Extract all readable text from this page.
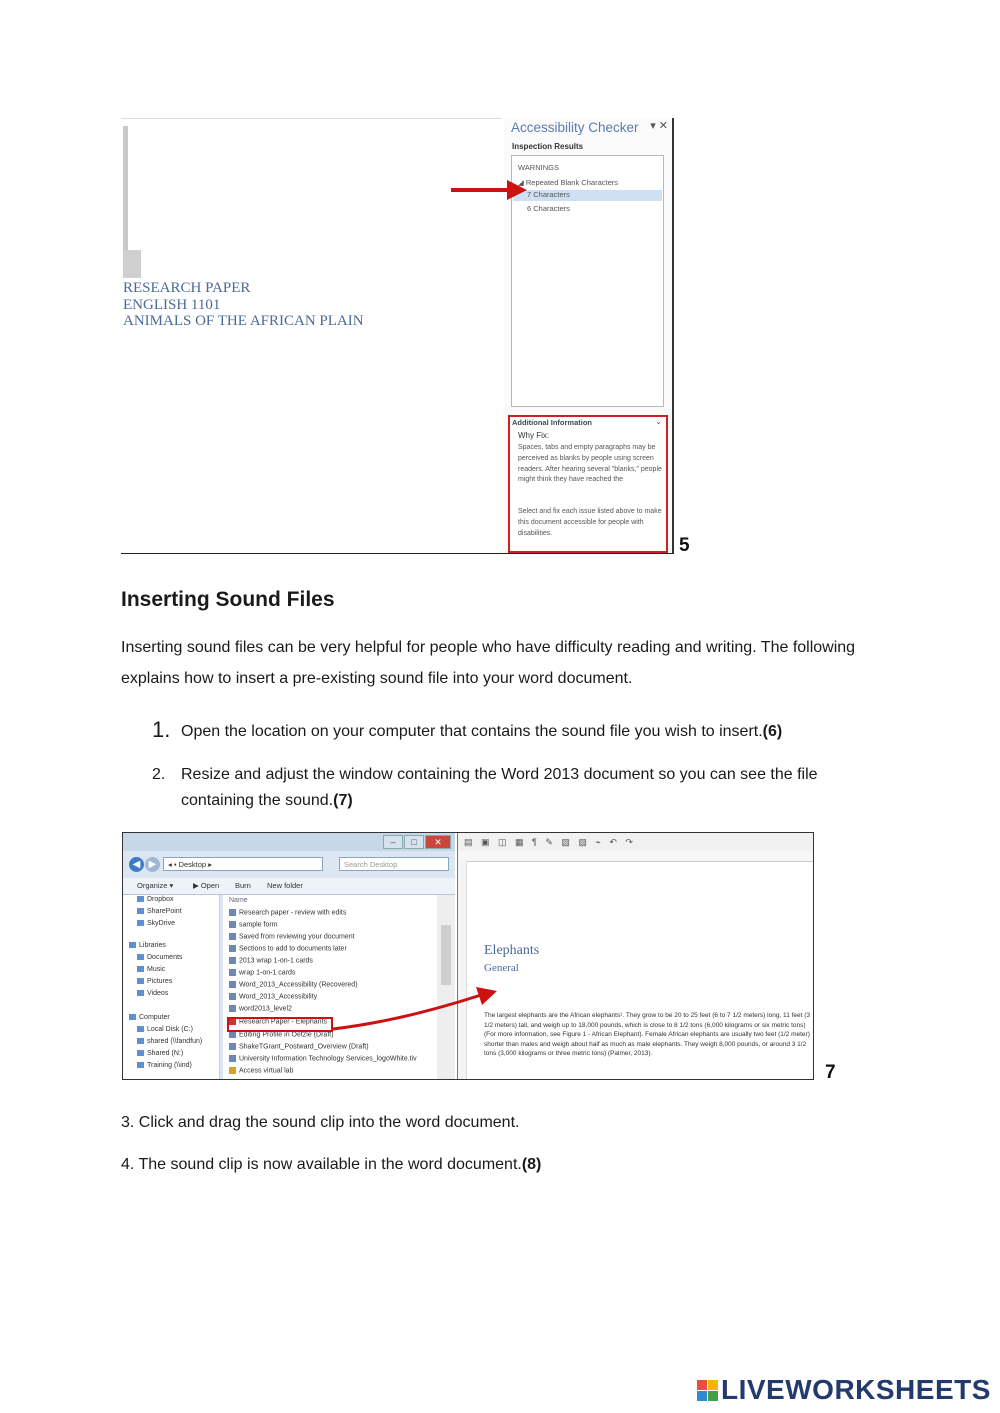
RESEARCH PAPER
ENGLISH 1101
ANIMALS OF THE AFRICAN PLAIN
Accessibility Checker ▾ ✕
Inspection Results
WARNINGS
◢ Repeated Blank Characters
7 Characters
6 Characters
Additional Information	⌄
Why Fix:
Spaces, tabs and empty paragraphs may be perceived as blanks by people using screen readers. After hearing several "blanks," people might think they have reached the
Select and fix each issue listed above to make this document accessible for people with disabilities.
5
Inserting Sound Files
Inserting sound files can be very helpful for people who have difficulty reading and writing. The following explains how to insert a pre-existing sound file into your word document.
1. Open the location on your computer that contains the sound file you wish to insert.(6)
2. Resize and adjust the window containing the Word 2013 document so you can see the file
containing the sound.(7)
– □ ✕
◀ ▶	◂ ▪ Desktop ▸	Search Desktop
Organize ▾	▶ Open Burn New folder
Dropbox
SharePoint
SkyDrive
Libraries
Documents
Music
Pictures
Videos
Computer
Local Disk (C:)
shared (\\fandfun)
Shared (N:)
Training (\\ind)
Name
Research paper - review with edits
sample form
Saved from reviewing your document
Sections to add to documents later
2013 wrap 1-on-1 cards
wrap 1-on-1 cards
Word_2013_Accessibility (Recovered)
Word_2013_Accessibility
word2013_level2
Research Paper - Elephants
Editing Profile in Oetzle (Draft)
ShakeTGrant_Postward_Overview (Draft)
University Information Technology Services_logoWhite.tiv
Access virtual lab
▤ ▣ ◫ ▦ ¶ ✎ ▧ ▨ ⌁ ↶ ↷
Elephants
General
The largest elephants are the African elephants¹. They grow to be 20 to 25 feet (6 to 7 1/2 meters) long, 11 feet (3 1/2 meters) tall, and weigh up to 18,000 pounds, which is close to 8 1/2 tons (6,000 kilograms or six metric tons) (For more information, see Figure 1 - African Elephant). Female African elephants are usually two feet (1/2 meter) shorter than males and weigh about half as much as male elephants. They weigh 8,000 pounds, or around 3 1/2 tons (3,000 kilograms or three metric tons) (Palmer, 2013).
7
3. Click and drag the sound clip into the word document.
4. The sound clip is now available in the word document.(8)
LIVEWORKSHEETS
